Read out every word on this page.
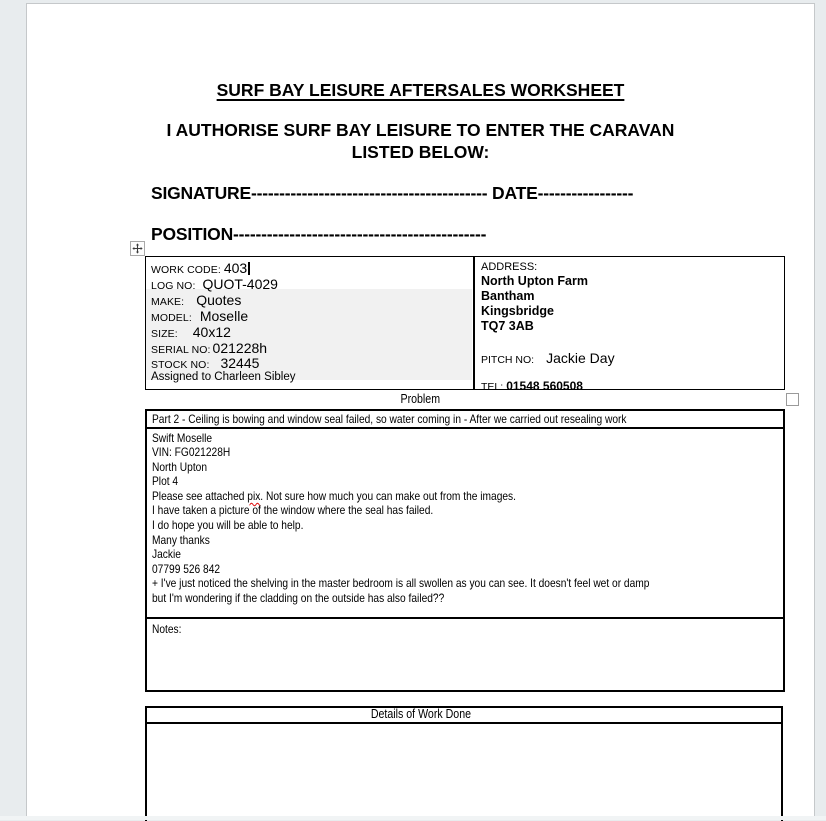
SURF BAY LEISURE AFTERSALES WORKSHEET
I AUTHORISE SURF BAY LEISURE TO ENTER THE CARAVAN
LISTED BELOW:
SIGNATURE------------------------------------------ DATE-----------------
POSITION---------------------------------------------
WORK CODE: 403
LOG NO: QUOT-4029
MAKE: Quotes
MODEL: Moselle
SIZE: 40x12
SERIAL NO: 021228h
STOCK NO: 32445
Assigned to Charleen Sibley
ADDRESS:
North Upton Farm
Bantham
Kingsbridge
TQ7 3AB
PITCH NO: Jackie Day
TEL: 01548 560508
Problem
Part 2 - Ceiling is bowing and window seal failed, so water coming in - After we carried out resealing work
Swift Moselle
VIN: FG021228H
North Upton
Plot 4
Please see attached pix. Not sure how much you can make out from the images.
I have taken a picture of the window where the seal has failed.
I do hope you will be able to help.
Many thanks
Jackie
07799 526 842
+ I've just noticed the shelving in the master bedroom is all swollen as you can see. It doesn't feel wet or damp
but I'm wondering if the cladding on the outside has also failed??
Notes:
Details of Work Done
